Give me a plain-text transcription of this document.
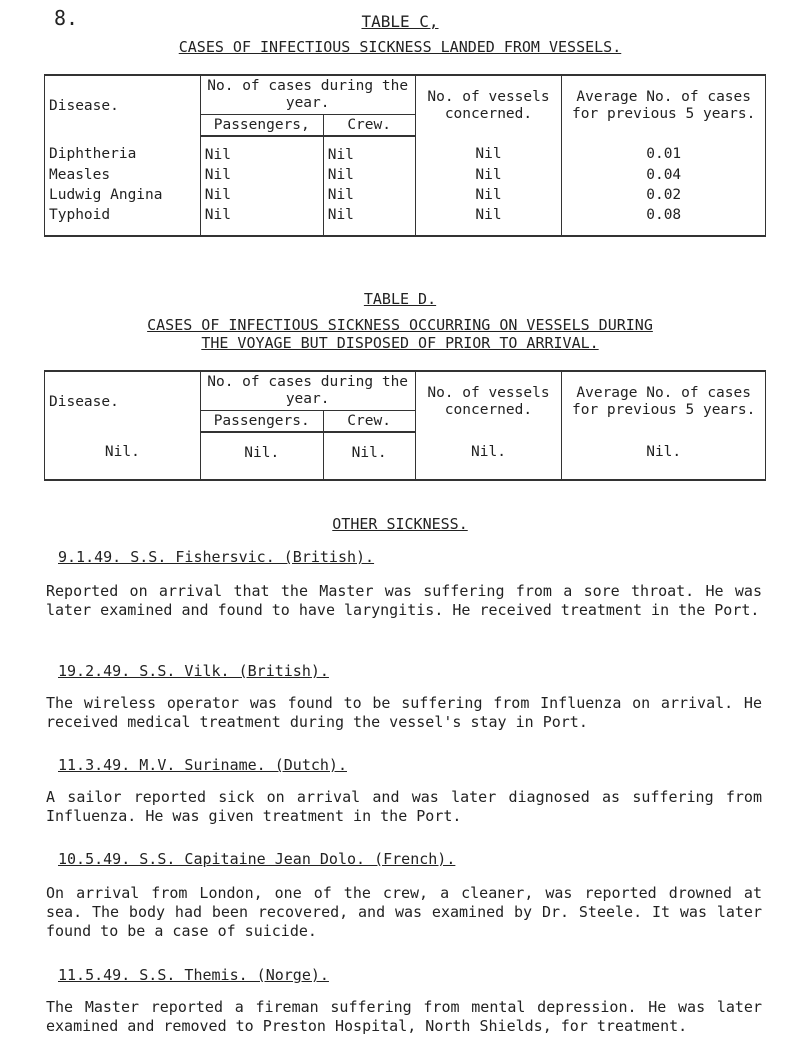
8.	TABLE C,
CASES OF INFECTIOUS SICKNESS LANDED FROM VESSELS.
Disease.	No. of cases during the year.		No. of vessels concerned.	Average No. of cases for previous 5 years.
	Passengers,	Crew.		
Diphtheria	Nil	Nil	Nil	0.01
Measles	Nil	Nil	Nil	0.04
Ludwig Angina	Nil	Nil	Nil	0.02
Typhoid	Nil	Nil	Nil	0.08
TABLE D.
CASES OF INFECTIOUS SICKNESS OCCURRING ON VESSELS DURING
THE VOYAGE BUT DISPOSED OF PRIOR TO ARRIVAL.
Disease.	No. of cases during the year.		No. of vessels concerned.	Average No. of cases for previous 5 years.
	Passengers.	Crew.		
Nil.	Nil.	Nil.	Nil.	Nil.
OTHER SICKNESS.
9.1.49. S.S. Fishersvic. (British).

Reported on arrival that the Master was suffering from a sore throat. He was later examined and found to have laryngitis. He received treatment in the Port.

19.2.49. S.S. Vilk. (British).

The wireless operator was found to be suffering from Influenza on arrival. He received medical treatment during the vessel's stay in Port.

11.3.49. M.V. Suriname. (Dutch).

A sailor reported sick on arrival and was later diagnosed as suffering from Influenza. He was given treatment in the Port.

10.5.49. S.S. Capitaine Jean Dolo. (French).

On arrival from London, one of the crew, a cleaner, was reported drowned at sea. The body had been recovered, and was examined by Dr. Steele. It was later found to be a case of suicide.

11.5.49. S.S. Themis. (Norge).

The Master reported a fireman suffering from mental depression. He was later examined and removed to Preston Hospital, North Shields, for treatment.
